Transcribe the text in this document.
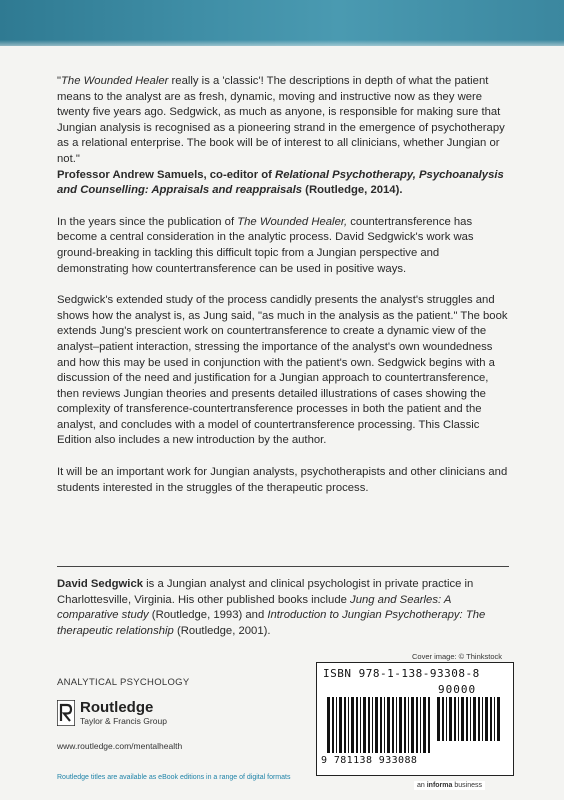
"The Wounded Healer really is a 'classic'! The descriptions in depth of what the patient means to the analyst are as fresh, dynamic, moving and instructive now as they were twenty five years ago. Sedgwick, as much as anyone, is responsible for making sure that Jungian analysis is recognised as a pioneering strand in the emergence of psychotherapy as a relational enterprise. The book will be of interest to all clinicians, whether Jungian or not."
Professor Andrew Samuels, co-editor of Relational Psychotherapy, Psychoanalysis and Counselling: Appraisals and reappraisals (Routledge, 2014).

In the years since the publication of The Wounded Healer, countertransference has become a central consideration in the analytic process. David Sedgwick's work was ground-breaking in tackling this difficult topic from a Jungian perspective and demonstrating how countertransference can be used in positive ways.

Sedgwick's extended study of the process candidly presents the analyst's struggles and shows how the analyst is, as Jung said, "as much in the analysis as the patient." The book extends Jung's prescient work on countertransference to create a dynamic view of the analyst–patient interaction, stressing the importance of the analyst's own woundedness and how this may be used in conjunction with the patient's own. Sedgwick begins with a discussion of the need and justification for a Jungian approach to countertransference, then reviews Jungian theories and presents detailed illustrations of cases showing the complexity of transference-countertransference processes in both the patient and the analyst, and concludes with a model of countertransference processing. This Classic Edition also includes a new introduction by the author.

It will be an important work for Jungian analysts, psychotherapists and other clinicians and students interested in the struggles of the therapeutic process.

David Sedgwick is a Jungian analyst and clinical psychologist in private practice in Charlottesville, Virginia. His other published books include Jung and Searles: A comparative study (Routledge, 1993) and Introduction to Jungian Psychotherapy: The therapeutic relationship (Routledge, 2001).
Cover image: © Thinkstock
ANALYTICAL PSYCHOLOGY
Routledge
Taylor & Francis Group
www.routledge.com/mentalhealth
Routledge titles are available as eBook editions in a range of digital formats
ISBN 978-1-138-93308-8
90000
9 781138 933088
an informa business
